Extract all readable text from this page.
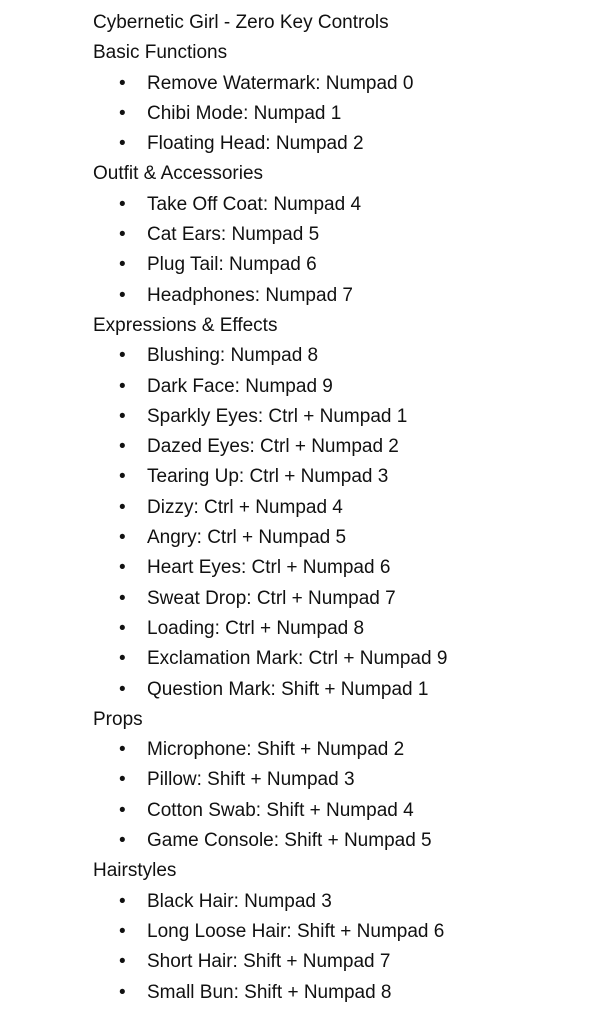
Cybernetic Girl - Zero Key Controls
Basic Functions
• Remove Watermark: Numpad 0
• Chibi Mode: Numpad 1
• Floating Head: Numpad 2
Outfit & Accessories
• Take Off Coat: Numpad 4
• Cat Ears: Numpad 5
• Plug Tail: Numpad 6
• Headphones: Numpad 7
Expressions & Effects
• Blushing: Numpad 8
• Dark Face: Numpad 9
• Sparkly Eyes: Ctrl + Numpad 1
• Dazed Eyes: Ctrl + Numpad 2
• Tearing Up: Ctrl + Numpad 3
• Dizzy: Ctrl + Numpad 4
• Angry: Ctrl + Numpad 5
• Heart Eyes: Ctrl + Numpad 6
• Sweat Drop: Ctrl + Numpad 7
• Loading: Ctrl + Numpad 8
• Exclamation Mark: Ctrl + Numpad 9
• Question Mark: Shift + Numpad 1
Props
• Microphone: Shift + Numpad 2
• Pillow: Shift + Numpad 3
• Cotton Swab: Shift + Numpad 4
• Game Console: Shift + Numpad 5
Hairstyles
• Black Hair: Numpad 3
• Long Loose Hair: Shift + Numpad 6
• Short Hair: Shift + Numpad 7
• Small Bun: Shift + Numpad 8
